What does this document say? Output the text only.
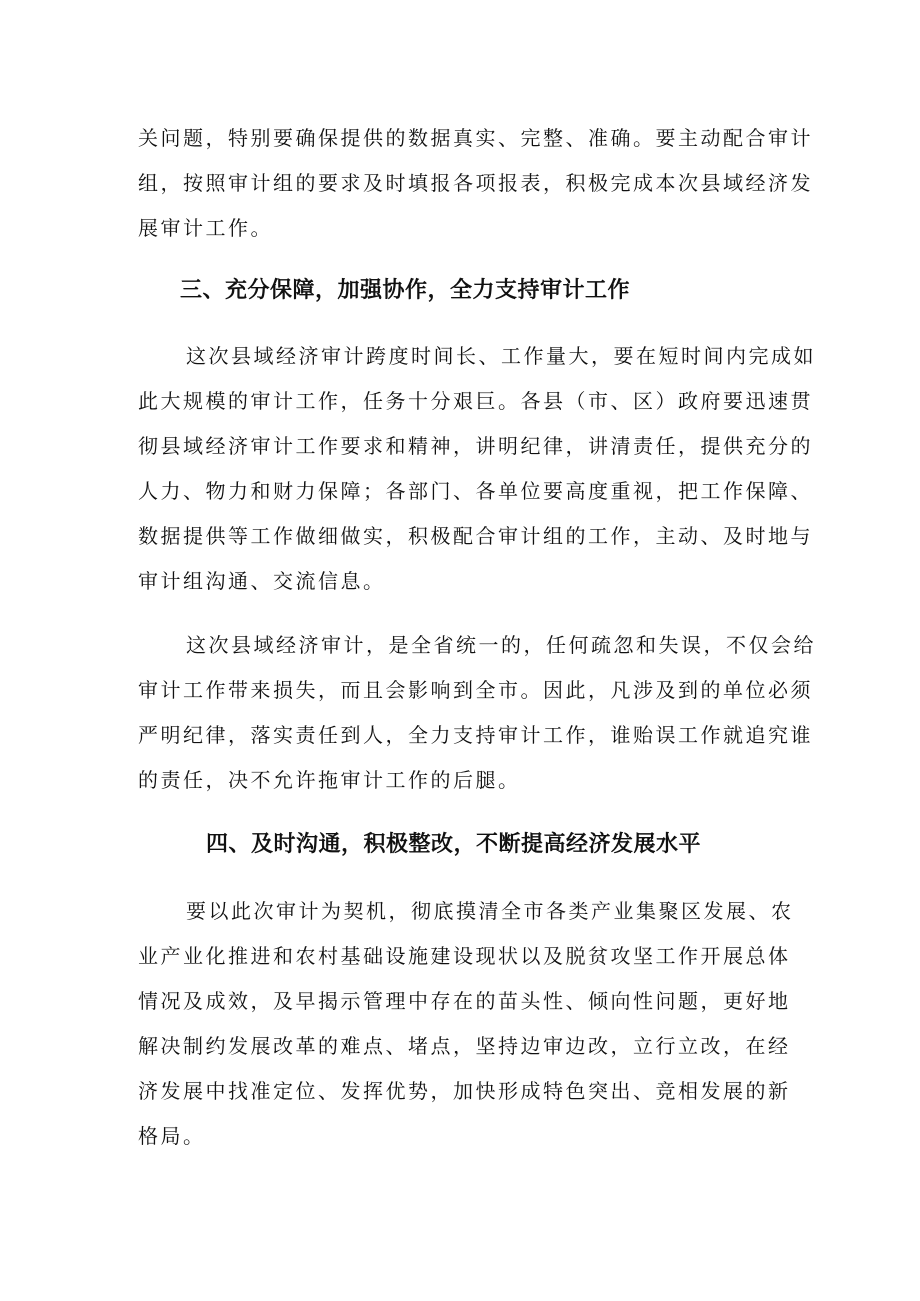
关问题，特别要确保提供的数据真实、完整、准确。要主动配合审计
组，按照审计组的要求及时填报各项报表，积极完成本次县域经济发
展审计工作。
三、充分保障，加强协作，全力支持审计工作
这次县域经济审计跨度时间长、工作量大，要在短时间内完成如
此大规模的审计工作，任务十分艰巨。各县（市、区）政府要迅速贯
彻县域经济审计工作要求和精神，讲明纪律，讲清责任，提供充分的
人力、物力和财力保障；各部门、各单位要高度重视，把工作保障、
数据提供等工作做细做实，积极配合审计组的工作，主动、及时地与
审计组沟通、交流信息。
这次县域经济审计，是全省统一的，任何疏忽和失误，不仅会给
审计工作带来损失，而且会影响到全市。因此，凡涉及到的单位必须
严明纪律，落实责任到人，全力支持审计工作，谁贻误工作就追究谁
的责任，决不允许拖审计工作的后腿。
四、及时沟通，积极整改，不断提高经济发展水平
要以此次审计为契机，彻底摸清全市各类产业集聚区发展、农
业产业化推进和农村基础设施建设现状以及脱贫攻坚工作开展总体
情况及成效，及早揭示管理中存在的苗头性、倾向性问题，更好地
解决制约发展改革的难点、堵点，坚持边审边改，立行立改，在经
济发展中找准定位、发挥优势，加快形成特色突出、竞相发展的新
格局。
